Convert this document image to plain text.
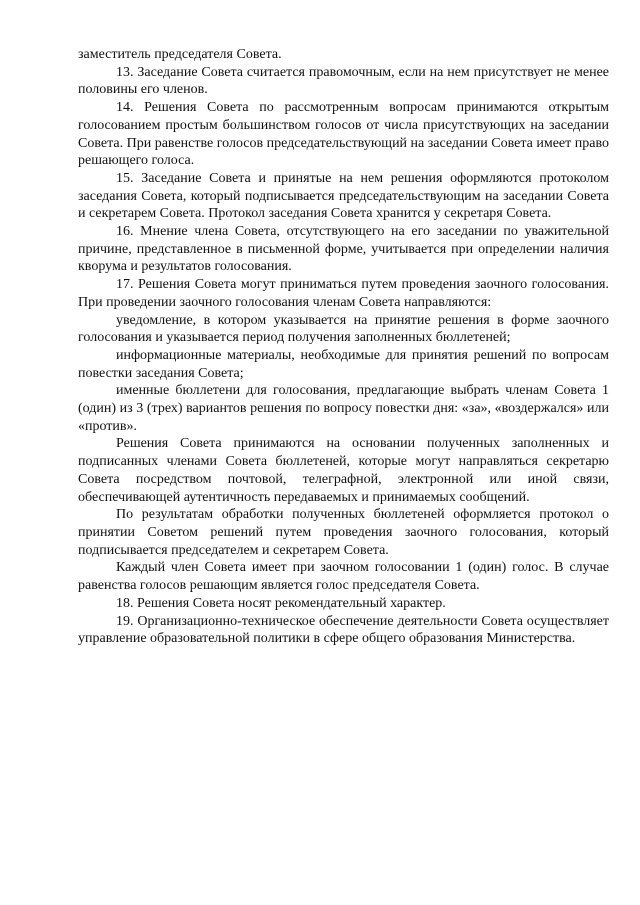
заместитель председателя Совета.

13. Заседание Совета считается правомочным, если на нем присутствует не менее половины его членов.

14. Решения Совета по рассмотренным вопросам принимаются открытым голосованием простым большинством голосов от числа присутствующих на заседании Совета. При равенстве голосов председательствующий на заседании Совета имеет право решающего голоса.

15. Заседание Совета и принятые на нем решения оформляются протоколом заседания Совета, который подписывается председательствующим на заседании Совета и секретарем Совета. Протокол заседания Совета хранится у секретаря Совета.

16. Мнение члена Совета, отсутствующего на его заседании по уважительной причине, представленное в письменной форме, учитывается при определении наличия кворума и результатов голосования.

17. Решения Совета могут приниматься путем проведения заочного голосования. При проведении заочного голосования членам Совета направляются:

уведомление, в котором указывается на принятие решения в форме заочного голосования и указывается период получения заполненных бюллетеней;

информационные материалы, необходимые для принятия решений по вопросам повестки заседания Совета;

именные бюллетени для голосования, предлагающие выбрать членам Совета 1 (один) из 3 (трех) вариантов решения по вопросу повестки дня: «за», «воздержался» или «против».

Решения Совета принимаются на основании полученных заполненных и подписанных членами Совета бюллетеней, которые могут направляться секретарю Совета посредством почтовой, телеграфной, электронной или иной связи, обеспечивающей аутентичность передаваемых и принимаемых сообщений.

По результатам обработки полученных бюллетеней оформляется протокол о принятии Советом решений путем проведения заочного голосования, который подписывается председателем и секретарем Совета.

Каждый член Совета имеет при заочном голосовании 1 (один) голос. В случае равенства голосов решающим является голос председателя Совета.

18. Решения Совета носят рекомендательный характер.

19. Организационно-техническое обеспечение деятельности Совета осуществляет управление образовательной политики в сфере общего образования Министерства.
